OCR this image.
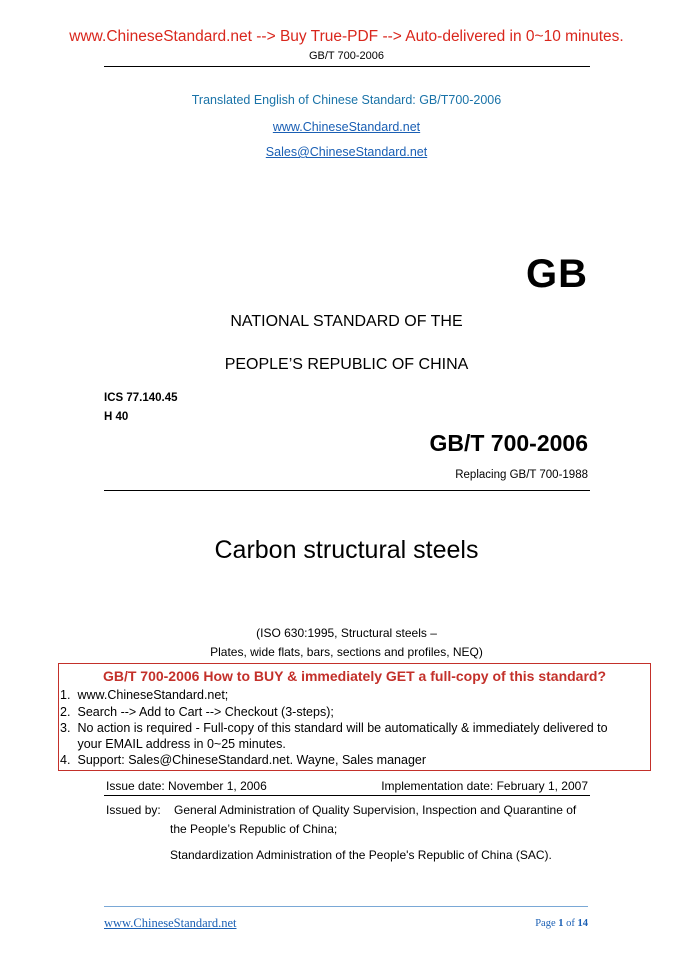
www.ChineseStandard.net --> Buy True-PDF --> Auto-delivered in 0~10 minutes.
GB/T 700-2006
Translated English of Chinese Standard: GB/T700-2006
www.ChineseStandard.net
Sales@ChineseStandard.net
GB
NATIONAL STANDARD OF THE
PEOPLE’S REPUBLIC OF CHINA
ICS 77.140.45
H 40
GB/T 700-2006
Replacing GB/T 700-1988
Carbon structural steels
(ISO 630:1995, Structural steels –
Plates, wide flats, bars, sections and profiles, NEQ)
GB/T 700-2006 How to BUY & immediately GET a full-copy of this standard?
1. www.ChineseStandard.net;
2. Search --> Add to Cart --> Checkout (3-steps);
3. No action is required - Full-copy of this standard will be automatically & immediately delivered to
your EMAIL address in 0~25 minutes.
4. Support: Sales@ChineseStandard.net. Wayne, Sales manager
Issue date: November 1, 2006	Implementation date: February 1, 2007
Issued by: General Administration of Quality Supervision, Inspection and Quarantine of
the People’s Republic of China;
Standardization Administration of the People's Republic of China (SAC).
www.ChineseStandard.net	Page 1 of 14
